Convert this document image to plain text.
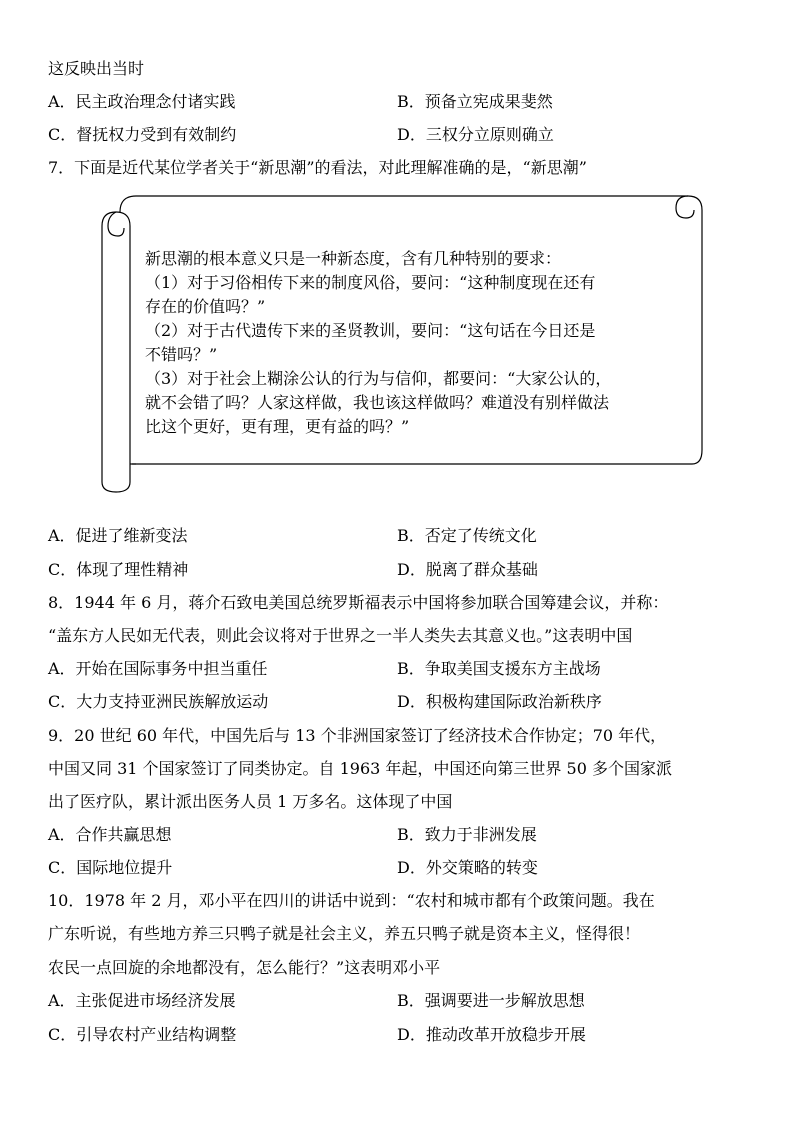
这反映出当时
A．民主政治理念付诸实践	B．预备立宪成果斐然
C．督抚权力受到有效制约	D．三权分立原则确立
7．下面是近代某位学者关于“新思潮”的看法，对此理解准确的是，“新思潮”
新思潮的根本意义只是一种新态度，含有几种特别的要求：
（1）对于习俗相传下来的制度风俗，要问：“这种制度现在还有
存在的价值吗？”
（2）对于古代遗传下来的圣贤教训，要问：“这句话在今日还是
不错吗？”
（3）对于社会上糊涂公认的行为与信仰，都要问：“大家公认的，
就不会错了吗？人家这样做，我也该这样做吗？难道没有别样做法
比这个更好，更有理，更有益的吗？”
A．促进了维新变法	B．否定了传统文化
C．体现了理性精神	D．脱离了群众基础
8．1944 年 6 月，蒋介石致电美国总统罗斯福表示中国将参加联合国筹建会议，并称：
“盖东方人民如无代表，则此会议将对于世界之一半人类失去其意义也。”这表明中国
A．开始在国际事务中担当重任	B．争取美国支援东方主战场
C．大力支持亚洲民族解放运动	D．积极构建国际政治新秩序
9．20 世纪 60 年代，中国先后与 13 个非洲国家签订了经济技术合作协定；70 年代，
中国又同 31 个国家签订了同类协定。自 1963 年起，中国还向第三世界 50 多个国家派
出了医疗队，累计派出医务人员 1 万多名。这体现了中国
A．合作共赢思想	B．致力于非洲发展
C．国际地位提升	D．外交策略的转变
10．1978 年 2 月，邓小平在四川的讲话中说到：“农村和城市都有个政策问题。我在
广东听说，有些地方养三只鸭子就是社会主义，养五只鸭子就是资本主义，怪得很！
农民一点回旋的余地都没有，怎么能行？”这表明邓小平
A．主张促进市场经济发展	B．强调要进一步解放思想
C．引导农村产业结构调整	D．推动改革开放稳步开展
